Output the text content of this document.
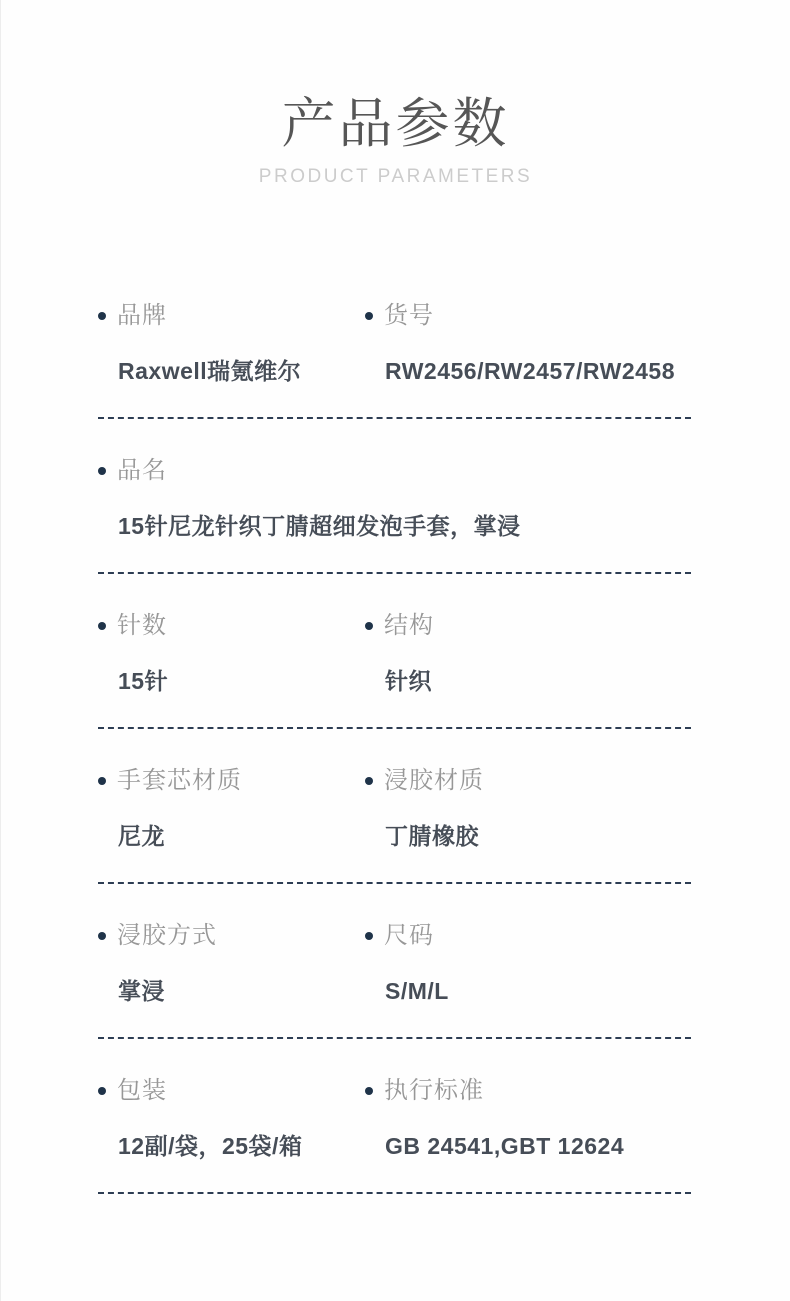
产品参数
PRODUCT PARAMETERS
品牌
Raxwell瑞氪维尔
货号
RW2456/RW2457/RW2458
品名
15针尼龙针织丁腈超细发泡手套，掌浸
针数
15针
结构
针织
手套芯材质
尼龙
浸胶材质
丁腈橡胶
浸胶方式
掌浸
尺码
S/M/L
包装
12副/袋，25袋/箱
执行标准
GB 24541,GBT 12624
